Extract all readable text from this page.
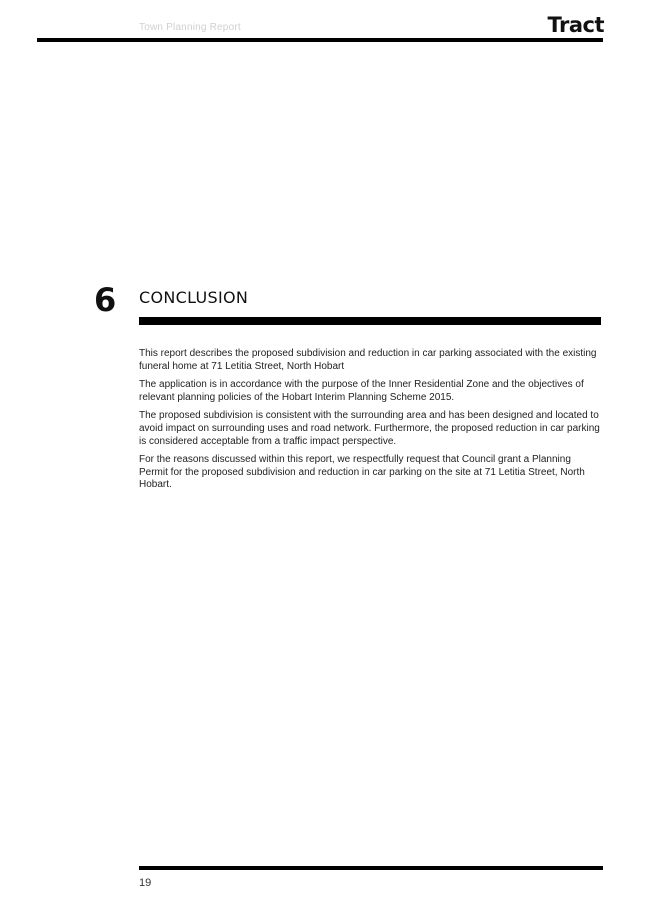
Town Planning Report	Tract
6 CONCLUSION

This report describes the proposed subdivision and reduction in car parking associated with the existing funeral home at 71 Letitia Street, North Hobart

The application is in accordance with the purpose of the Inner Residential Zone and the objectives of relevant planning policies of the Hobart Interim Planning Scheme 2015.

The proposed subdivision is consistent with the surrounding area and has been designed and located to avoid impact on surrounding uses and road network. Furthermore, the proposed reduction in car parking is considered acceptable from a traffic impact perspective.

For the reasons discussed within this report, we respectfully request that Council grant a Planning Permit for the proposed subdivision and reduction in car parking on the site at 71 Letitia Street, North Hobart.

19
